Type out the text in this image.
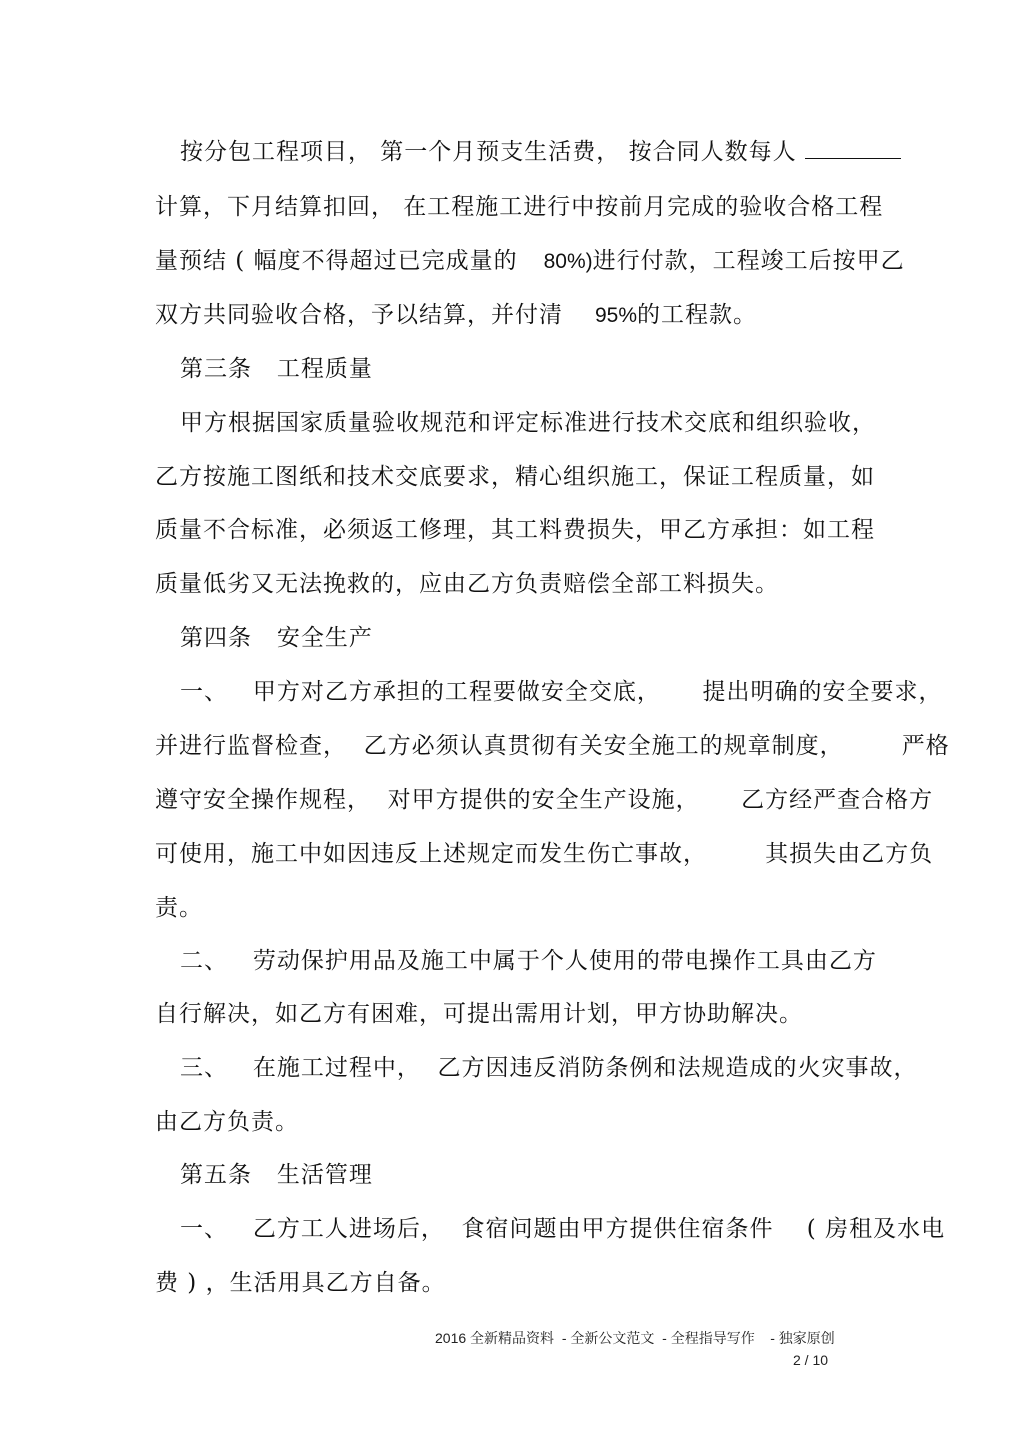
按分包工程项目， 第一个月预支生活费， 按合同人数每人
计算，下月结算扣回， 在工程施工进行中按前月完成的验收合格工程
量预结 ( 幅度不得超过已完成量的 80%)进行付款，工程竣工后按甲乙
双方共同验收合格，予以结算，并付清 95%的工程款。
第三条   工程质量
甲方根据国家质量验收规范和评定标准进行技术交底和组织验收，
乙方按施工图纸和技术交底要求，精心组织施工，保证工程质量，如
质量不合标准，必须返工修理，其工料费损失，甲乙方承担：如工程
质量低劣又无法挽救的，应由乙方负责赔偿全部工料损失。
第四条   安全生产
一、   甲方对乙方承担的工程要做安全交底，     提出明确的安全要求，
并进行监督检查，  乙方必须认真贯彻有关安全施工的规章制度，       严格
遵守安全操作规程，  对甲方提供的安全生产设施，     乙方经严查合格方
可使用，施工中如因违反上述规定而发生伤亡事故，       其损失由乙方负
责。
二、   劳动保护用品及施工中属于个人使用的带电操作工具由乙方
自行解决，如乙方有困难，可提出需用计划，甲方协助解决。
三、   在施工过程中，  乙方因违反消防条例和法规造成的火灾事故，
由乙方负责。
第五条   生活管理
一、   乙方工人进场后，  食宿问题由甲方提供住宿条件    ( 房租及水电
费 ) ，生活用具乙方自备。
2016 全新精品资料  - 全新公文范文  - 全程指导写作    - 独家原创
2 / 10
